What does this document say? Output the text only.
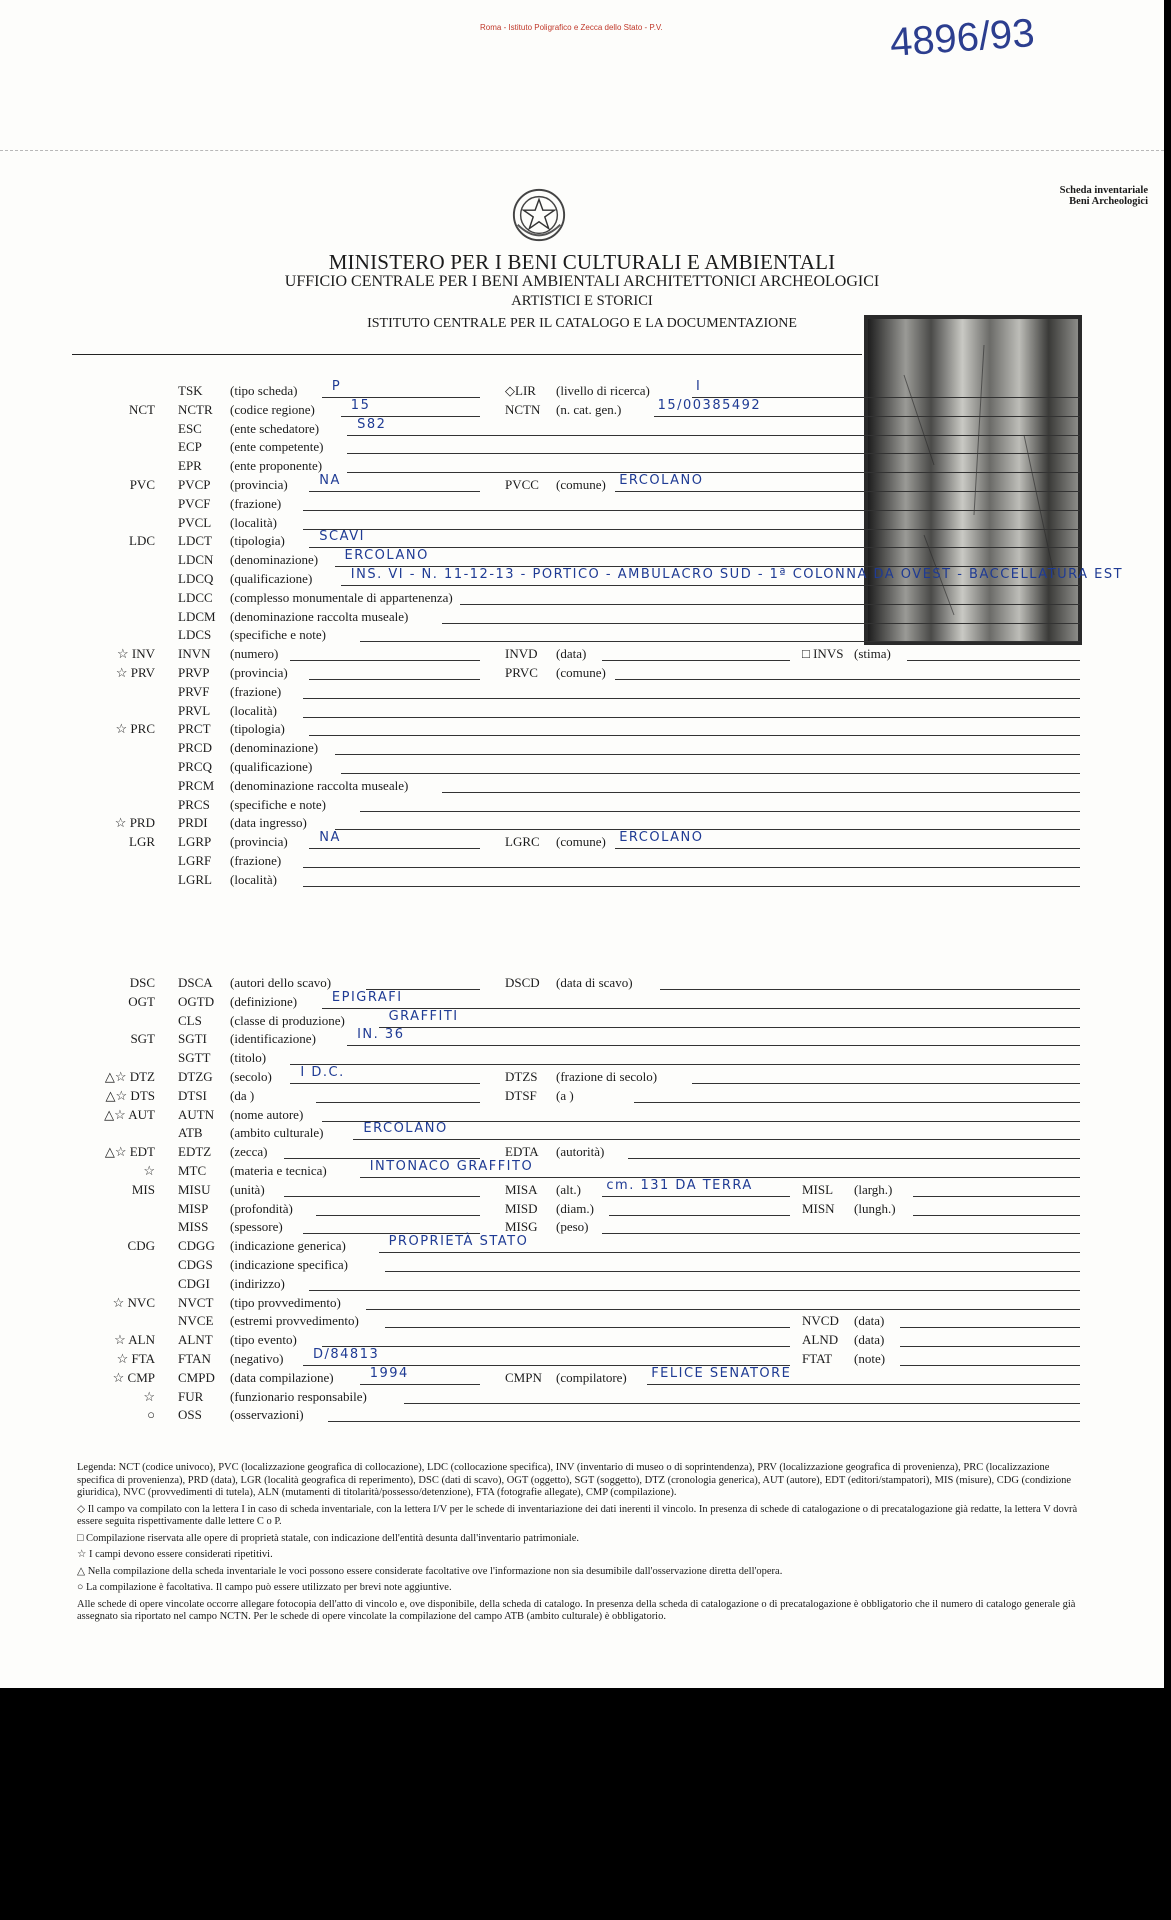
Roma - Istituto Poligrafico e Zecca dello Stato - P.V.	4896/93
Scheda inventariale
Beni Archeologici
MINISTERO PER I BENI CULTURALI E AMBIENTALI
UFFICIO CENTRALE PER I BENI AMBIENTALI ARCHITETTONICI ARCHEOLOGICI
ARTISTICI E STORICI
ISTITUTO CENTRALE PER IL CATALOGO E LA DOCUMENTAZIONE
TSK (tipo scheda)	P	◇LIR (livello di ricerca)	I
NCT NCTR (codice regione)	15	NCTN (n. cat. gen.)	15/00385492
ESC (ente schedatore)	S82
ECP (ente competente)
EPR (ente proponente)
PVC PVCP (provincia) NA	PVCC (comune) ERCOLANO
PVCF (frazione)
PVCL (località)
LDC LDCT (tipologia)	SCAVI
LDCN (denominazione) ERCOLANO
LDCQ (qualificazione)	INS. VI - N. 11-12-13 - PORTICO - AMBULACRO SUD - 1ª COLONNA DA OVEST - BACCELLATURA EST
LDCC (complesso monumentale di appartenenza)
LDCM (denominazione raccolta museale)
LDCS (specifiche e note)
☆ INV INVN (numero)	INVD (data)	□ INVS (stima)
☆ PRV PRVP (provincia)	PRVC (comune)
PRVF (frazione)
PRVL (località)
☆ PRC PRCT (tipologia)
PRCD (denominazione)
PRCQ (qualificazione)
PRCM (denominazione raccolta museale)
PRCS (specifiche e note)
☆ PRD PRDI (data ingresso)
LGR LGRP (provincia) NA	LGRC (comune) ERCOLANO
LGRF (frazione)
LGRL (località)
DSC DSCA (autori dello scavo)	DSCD (data di scavo)
OGT OGTD (definizione)	EPIGRAFI
CLS (classe di produzione)	GRAFFITI
SGT SGTI (identificazione)	IN. 36
SGTT (titolo)
△☆ DTZ DTZG (secolo) I D.C.	DTZS (frazione di secolo)
△☆ DTS DTSI (da )	DTSF (a )
△☆ AUT AUTN (nome autore)
ATB (ambito culturale)	ERCOLANO
△☆ EDT EDTZ (zecca)	EDTA (autorità)
☆ MTC (materia e tecnica)	INTONACO GRAFFITO
MIS MISU (unità)	MISA (alt.) cm. 131 DA TERRA	MISL (largh.)
MISP (profondità)	MISD (diam.)	MISN (lungh.)
MISS (spessore)	MISG (peso)
CDG CDGG (indicazione generica)	PROPRIETÀ STATO
CDGS (indicazione specifica)
CDGI (indirizzo)
☆ NVC NVCT (tipo provvedimento)
NVCE (estremi provvedimento)	NVCD (data)
☆ ALN ALNT (tipo evento)	ALND (data)
☆ FTA FTAN (negativo) D/84813	FTAT (note)
☆ CMP CMPD (data compilazione)	1994	CMPN (compilatore) FELICE SENATORE
☆ FUR (funzionario responsabile)
○ OSS (osservazioni)

Legenda: NCT (codice univoco), PVC (localizzazione geografica di collocazione), LDC (collocazione specifica), INV (inventario di museo o di soprintendenza), PRV (localizzazione geografica di provenienza), PRC (localizzazione specifica di provenienza), PRD (data), LGR (località geografica di reperimento), DSC (dati di scavo), OGT (oggetto), SGT (soggetto), DTZ (cronologia generica), AUT (autore), EDT (editori/stampatori), MIS (misure), CDG (condizione giuridica), NVC (provvedimenti di tutela), ALN (mutamenti di titolarità/possesso/detenzione), FTA (fotografie allegate), CMP (compilazione).

◇ Il campo va compilato con la lettera I in caso di scheda inventariale, con la lettera I/V per le schede di inventariazione dei dati inerenti il vincolo. In presenza di schede di catalogazione o di precatalogazione già redatte, la lettera V dovrà essere seguita rispettivamente dalle lettere C o P.

□ Compilazione riservata alle opere di proprietà statale, con indicazione dell'entità desunta dall'inventario patrimoniale.

☆ I campi devono essere considerati ripetitivi.

△ Nella compilazione della scheda inventariale le voci possono essere considerate facoltative ove l'informazione non sia desumibile dall'osservazione diretta dell'opera.

○ La compilazione è facoltativa. Il campo può essere utilizzato per brevi note aggiuntive.

Alle schede di opere vincolate occorre allegare fotocopia dell'atto di vincolo e, ove disponibile, della scheda di catalogo. In presenza della scheda di catalogazione o di precatalogazione è obbligatorio che il numero di catalogo generale già assegnato sia riportato nel campo NCTN. Per le schede di opere vincolate la compilazione del campo ATB (ambito culturale) è obbligatorio.
